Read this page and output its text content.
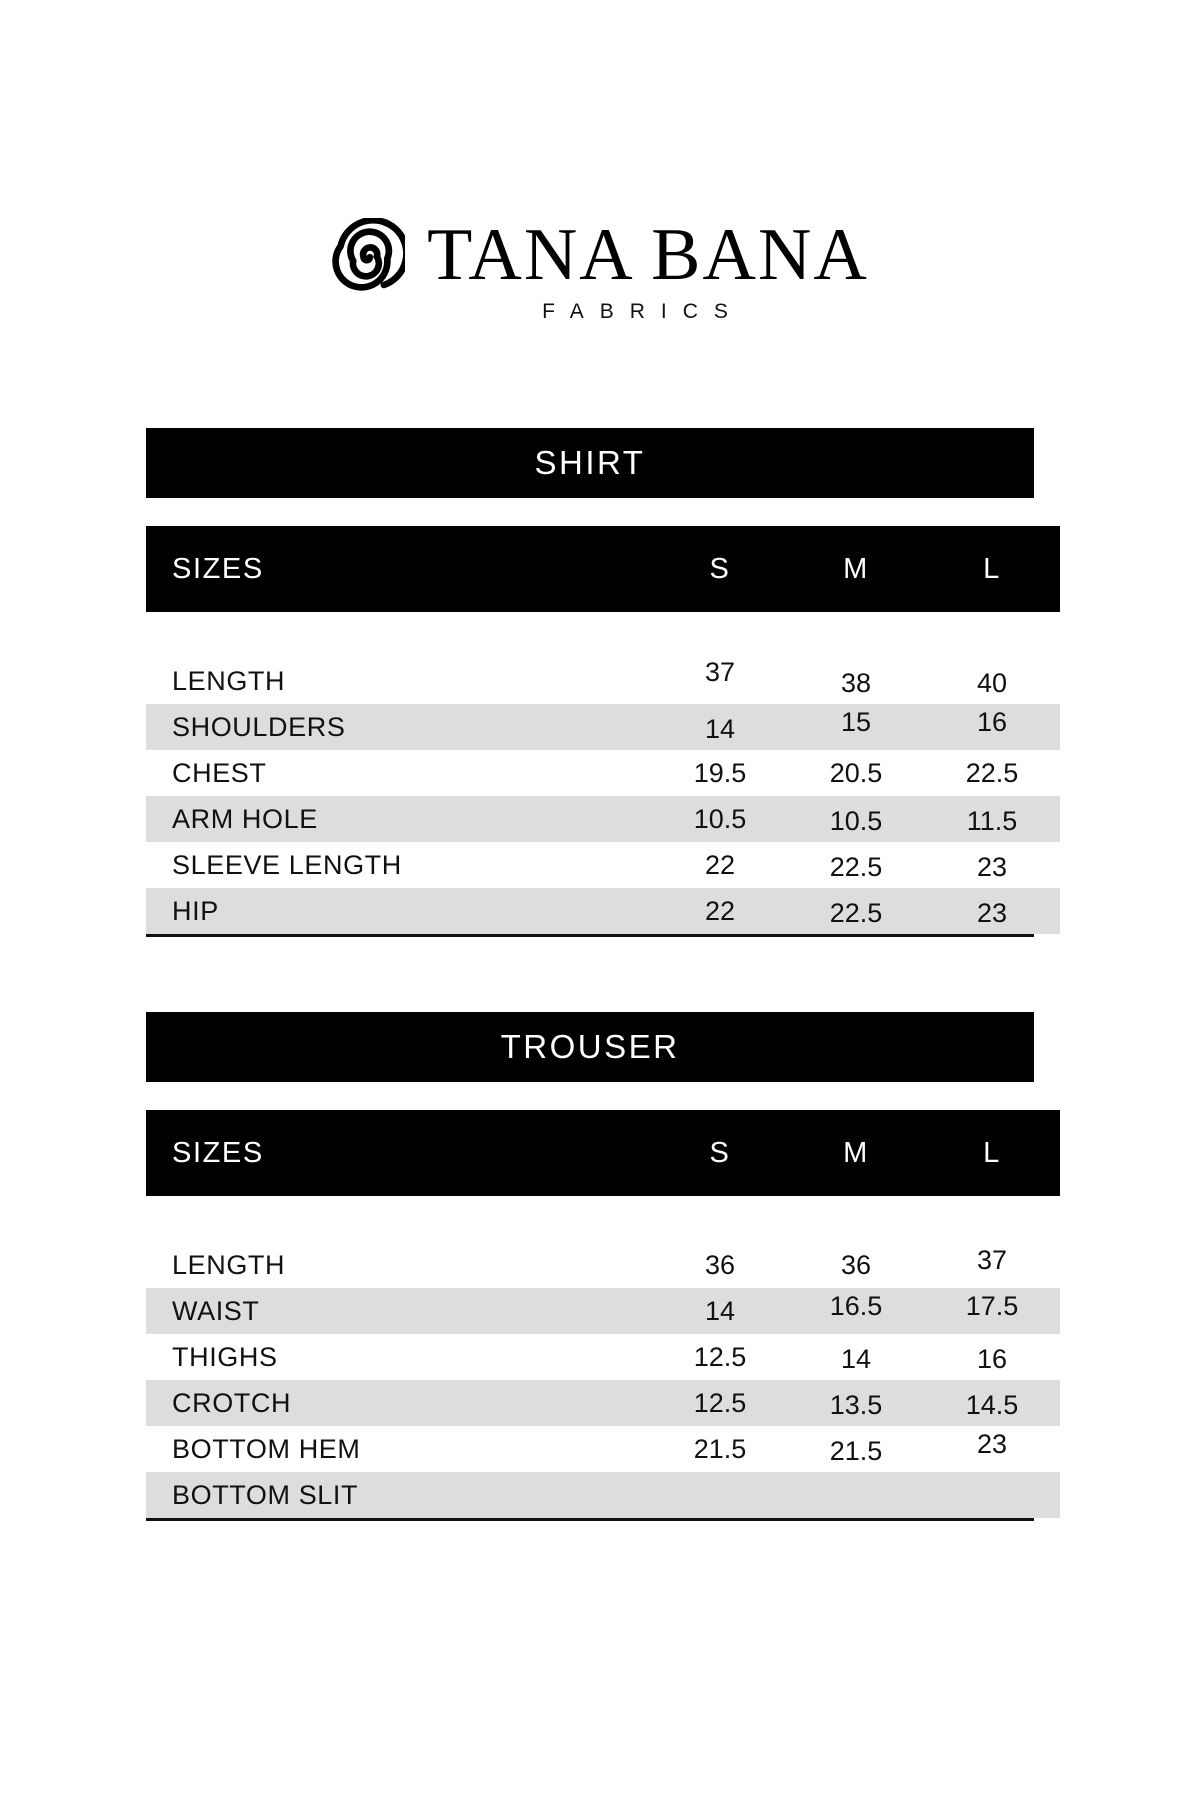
TANA BANA
FABRICS
SHIRT
SIZES	S	M	L

LENGTH	37	38	40
SHOULDERS	14	15	16
CHEST	19.5	20.5	22.5
ARM HOLE	10.5	10.5	11.5
SLEEVE LENGTH	22	22.5	23
HIP	22	22.5	23
TROUSER
SIZES	S	M	L

LENGTH	36	36	37
WAIST	14	16.5	17.5
THIGHS	12.5	14	16
CROTCH	12.5	13.5	14.5
BOTTOM HEM	21.5	21.5	23
BOTTOM SLIT			
